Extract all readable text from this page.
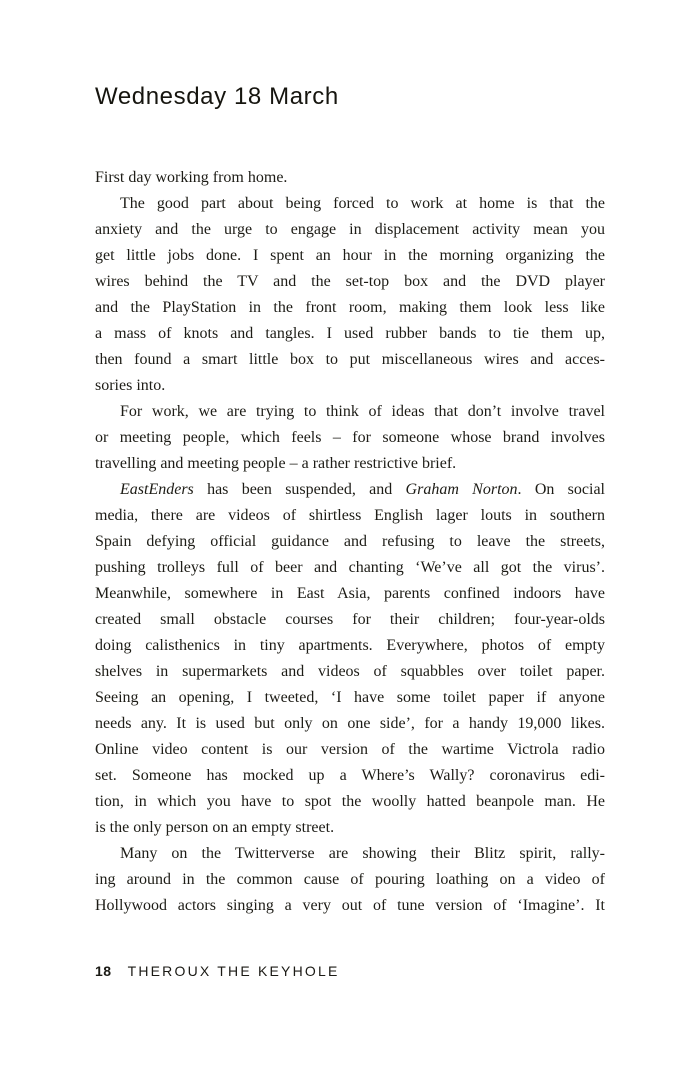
Wednesday 18 March
First day working from home.
The good part about being forced to work at home is that the
anxiety and the urge to engage in displacement activity mean you
get little jobs done. I spent an hour in the morning organizing the
wires behind the TV and the set-top box and the DVD player
and the PlayStation in the front room, making them look less like
a mass of knots and tangles. I used rubber bands to tie them up,
then found a smart little box to put miscellaneous wires and acces-
sories into.
For work, we are trying to think of ideas that don’t involve travel
or meeting people, which feels – for someone whose brand involves
travelling and meeting people – a rather restrictive brief.
EastEnders has been suspended, and Graham Norton. On social
media, there are videos of shirtless English lager louts in southern
Spain defying official guidance and refusing to leave the streets,
pushing trolleys full of beer and chanting ‘We’ve all got the virus’.
Meanwhile, somewhere in East Asia, parents confined indoors have
created small obstacle courses for their children; four-year-olds
doing calisthenics in tiny apartments. Everywhere, photos of empty
shelves in supermarkets and videos of squabbles over toilet paper.
Seeing an opening, I tweeted, ‘I have some toilet paper if anyone
needs any. It is used but only on one side’, for a handy 19,000 likes.
Online video content is our version of the wartime Victrola radio
set. Someone has mocked up a Where’s Wally? coronavirus edi-
tion, in which you have to spot the woolly hatted beanpole man. He
is the only person on an empty street.
Many on the Twitterverse are showing their Blitz spirit, rally-
ing around in the common cause of pouring loathing on a video of
Hollywood actors singing a very out of tune version of ‘Imagine’. It
18 THEROUX THE KEYHOLE
